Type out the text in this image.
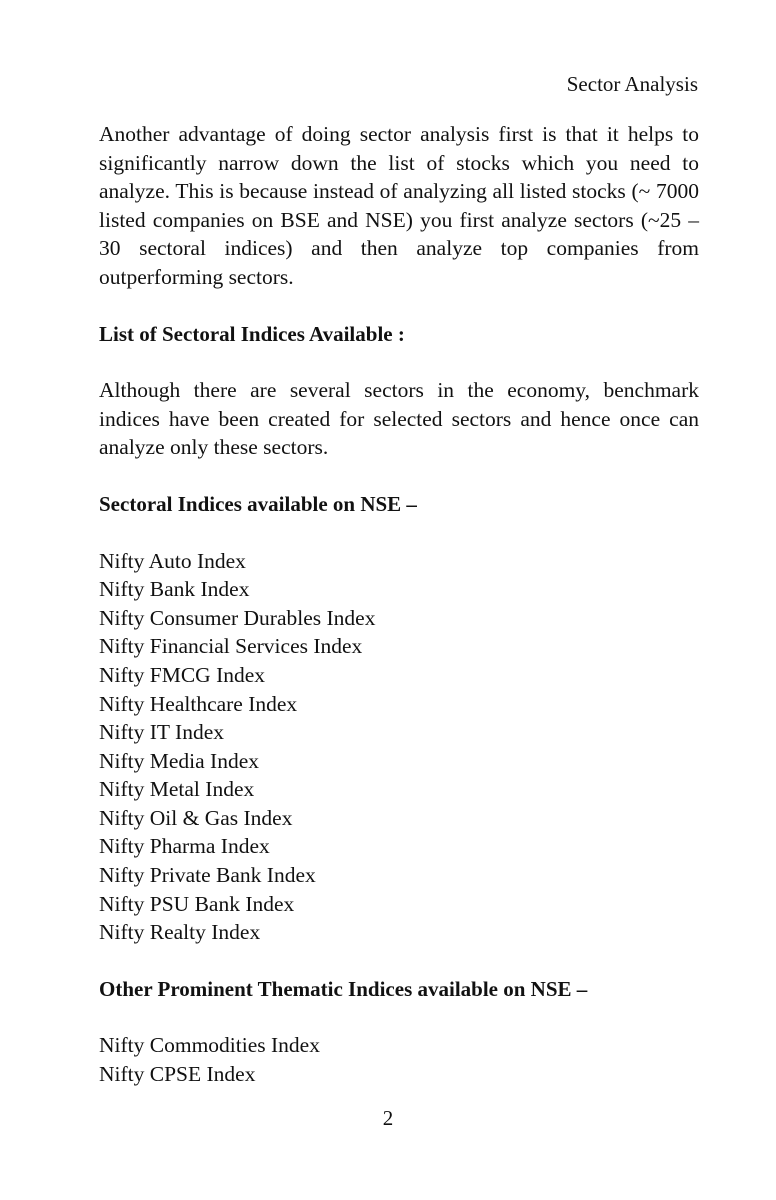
Sector Analysis

Another advantage of doing sector analysis first is that it helps to significantly narrow down the list of stocks which you need to analyze. This is because instead of analyzing all listed stocks (~ 7000 listed companies on BSE and NSE) you first analyze sectors (~25 – 30 sectoral indices) and then analyze top companies from outperforming sectors.

List of Sectoral Indices Available :

Although there are several sectors in the economy, benchmark indices have been created for selected sectors and hence once can analyze only these sectors.

Sectoral Indices available on NSE –

Nifty Auto Index
Nifty Bank Index
Nifty Consumer Durables Index
Nifty Financial Services Index
Nifty FMCG Index
Nifty Healthcare Index
Nifty IT Index
Nifty Media Index
Nifty Metal Index
Nifty Oil & Gas Index
Nifty Pharma Index
Nifty Private Bank Index
Nifty PSU Bank Index
Nifty Realty Index

Other Prominent Thematic Indices available on NSE –

Nifty Commodities Index
Nifty CPSE Index
2
